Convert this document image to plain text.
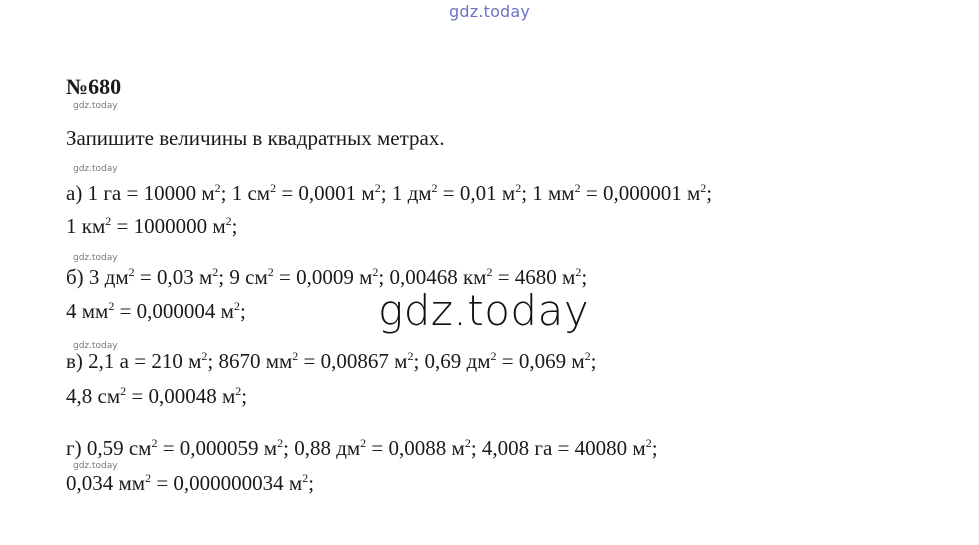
gdz.today
№680
gdz.today
Запишите величины в квадратных метрах.
gdz.today
а) 1 га = 10000 $м^2$; 1 $см^2 = 0,0001$ $м^2$; 1 $дм^2 = 0,01$ $м^2$; 1 $мм^2 = 0,000001$ $м^2$;
1 $км^2 = 1000000$ $м^2$;
gdz.today
б) 3 $дм^2 = 0,03$ $м^2$; 9 $см^2 = 0,0009$ $м^2$; 0,00468 $км^2 = 4680$ $м^2$;
4 $мм^2 = 0,000004$ $м^2$;	gdz.today
gdz.today
в) 2,1 а = 210 $м^2$; 8670 $мм^2 = 0,00867$ $м^2$; 0,69 $дм^2 = 0,069$ $м^2$;
4,8 $см^2 = 0,00048$ $м^2$;
г) 0,59 $см^2 = 0,000059$ $м^2$; 0,88 $дм^2 = 0,0088$ $м^2$; 4,008 га = 40080 $м^2$;
gdz.today
0,034 $мм^2 = 0,000000034$ $м^2$;
